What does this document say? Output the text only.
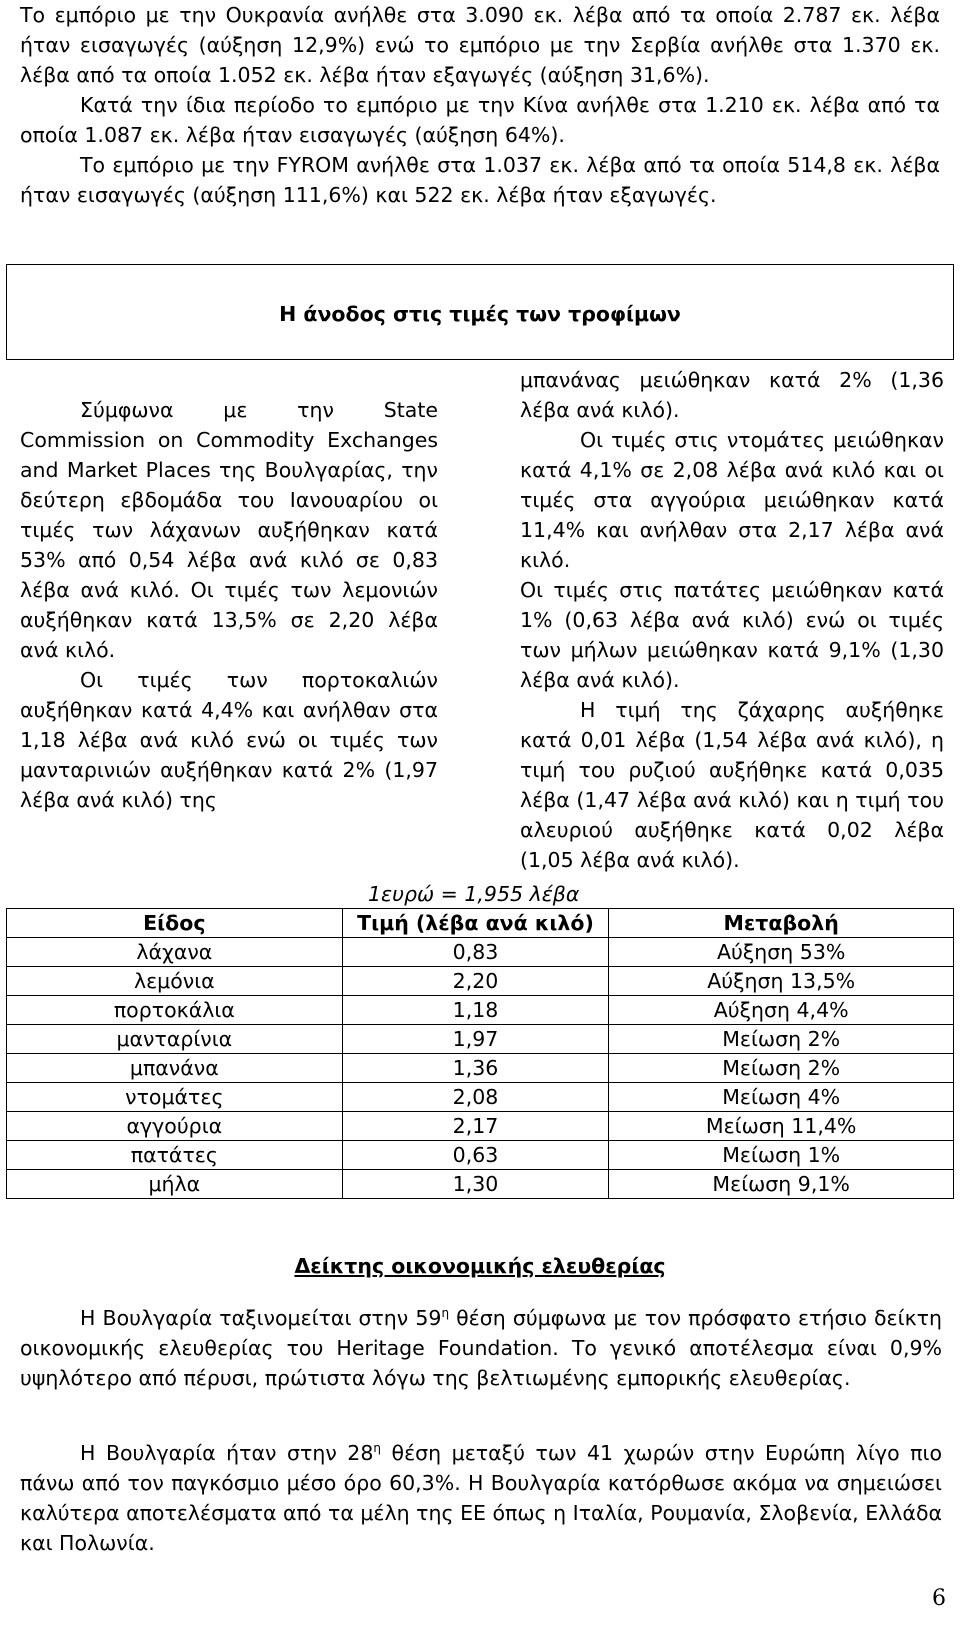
Το εμπόριο με την Ουκρανία ανήλθε στα 3.090 εκ. λέβα από τα οποία 2.787 εκ. λέβα ήταν εισαγωγές (αύξηση 12,9%) ενώ το εμπόριο με την Σερβία ανήλθε στα 1.370 εκ. λέβα από τα οποία 1.052 εκ. λέβα ήταν εξαγωγές (αύξηση 31,6%).
Κατά την ίδια περίοδο το εμπόριο με την Κίνα ανήλθε στα 1.210 εκ. λέβα από τα οποία 1.087 εκ. λέβα ήταν εισαγωγές (αύξηση 64%).
Το εμπόριο με την FYROM ανήλθε στα 1.037 εκ. λέβα από τα οποία 514,8 εκ. λέβα ήταν εισαγωγές (αύξηση 111,6%) και 522 εκ. λέβα ήταν εξαγωγές.
Η άνοδος στις τιμές των τροφίμων
Σύμφωνα με την State Commission on Commodity Exchanges and Market Places της Βουλγαρίας, την δεύτερη εβδομάδα του Ιανουαρίου οι τιμές των λάχανων αυξήθηκαν κατά 53% από 0,54 λέβα ανά κιλό σε 0,83 λέβα ανά κιλό. Οι τιμές των λεμονιών αυξήθηκαν κατά 13,5% σε 2,20 λέβα ανά κιλό.
Οι τιμές των πορτοκαλιών αυξήθηκαν κατά 4,4% και ανήλθαν στα 1,18 λέβα ανά κιλό ενώ οι τιμές των μανταρινιών αυξήθηκαν κατά 2% (1,97 λέβα ανά κιλό) της
μπανάνας μειώθηκαν κατά 2% (1,36 λέβα ανά κιλό).
Οι τιμές στις ντομάτες μειώθηκαν κατά 4,1% σε 2,08 λέβα ανά κιλό και οι τιμές στα αγγούρια μειώθηκαν κατά 11,4% και ανήλθαν στα 2,17 λέβα ανά κιλό.
Οι τιμές στις πατάτες μειώθηκαν κατά 1% (0,63 λέβα ανά κιλό) ενώ οι τιμές των μήλων μειώθηκαν κατά 9,1% (1,30 λέβα ανά κιλό).
Η τιμή της ζάχαρης αυξήθηκε κατά 0,01 λέβα (1,54 λέβα ανά κιλό), η τιμή του ρυζιού αυξήθηκε κατά 0,035 λέβα (1,47 λέβα ανά κιλό) και η τιμή του αλευριού αυξήθηκε κατά 0,02 λέβα (1,05 λέβα ανά κιλό).
1ευρώ = 1,955 λέβα
Είδος	Τιμή (λέβα ανά κιλό)	Μεταβολή
λάχανα	0,83	Αύξηση 53%
λεμόνια	2,20	Αύξηση 13,5%
πορτοκάλια	1,18	Αύξηση 4,4%
μανταρίνια	1,97	Μείωση 2%
μπανάνα	1,36	Μείωση 2%
ντομάτες	2,08	Μείωση 4%
αγγούρια	2,17	Μείωση 11,4%
πατάτες	0,63	Μείωση 1%
μήλα	1,30	Μείωση 9,1%
Δείκτης οικονομικής ελευθερίας
Η Βουλγαρία ταξινομείται στην $59^\eta$ θέση σύμφωνα με τον πρόσφατο ετήσιο δείκτη οικονομικής ελευθερίας του Heritage Foundation. Το γενικό αποτέλεσμα είναι 0,9% υψηλότερο από πέρυσι, πρώτιστα λόγω της βελτιωμένης εμπορικής ελευθερίας.
Η Βουλγαρία ήταν στην $28^\eta$ θέση μεταξύ των 41 χωρών στην Ευρώπη λίγο πιο πάνω από τον παγκόσμιο μέσο όρο 60,3%. Η Βουλγαρία κατόρθωσε ακόμα να σημειώσει καλύτερα αποτελέσματα από τα μέλη της ΕΕ όπως η Ιταλία, Ρουμανία, Σλοβενία, Ελλάδα και Πολωνία.
6
